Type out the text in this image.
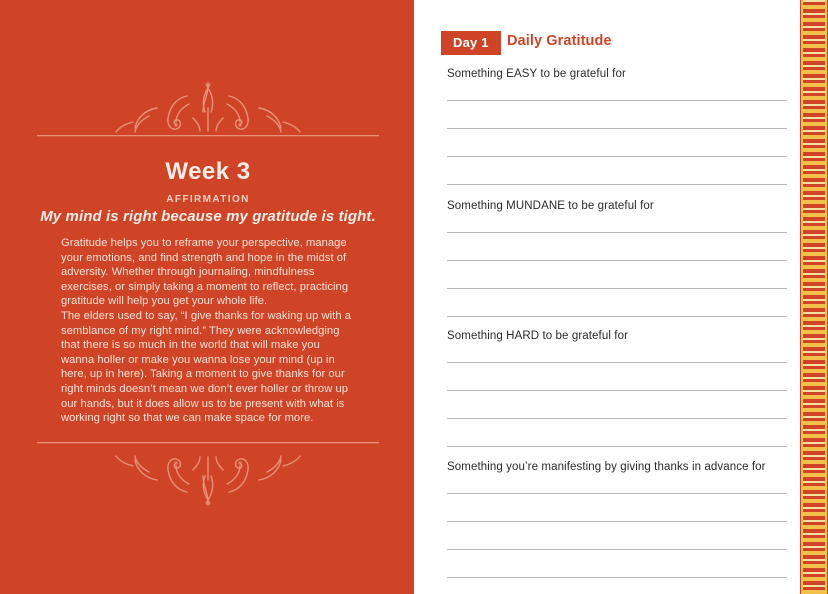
Week 3
AFFIRMATION
My mind is right because my gratitude is tight.
Gratitude helps you to reframe your perspective, manage your emotions, and find strength and hope in the midst of adversity. Whether through journaling, mindfulness exercises, or simply taking a moment to reflect, practicing gratitude will help you get your whole life.
The elders used to say, “I give thanks for waking up with a semblance of my right mind.” They were acknowledging that there is so much in the world that will make you wanna holler or make you wanna lose your mind (up in here, up in here). Taking a moment to give thanks for our right minds doesn’t mean we don’t ever holler or throw up our hands, but it does allow us to be present with what is working right so that we can make space for more.
Day 1	Daily Gratitude
Something EASY to be grateful for
Something MUNDANE to be grateful for
Something HARD to be grateful for
Something you’re manifesting by giving thanks in advance for
